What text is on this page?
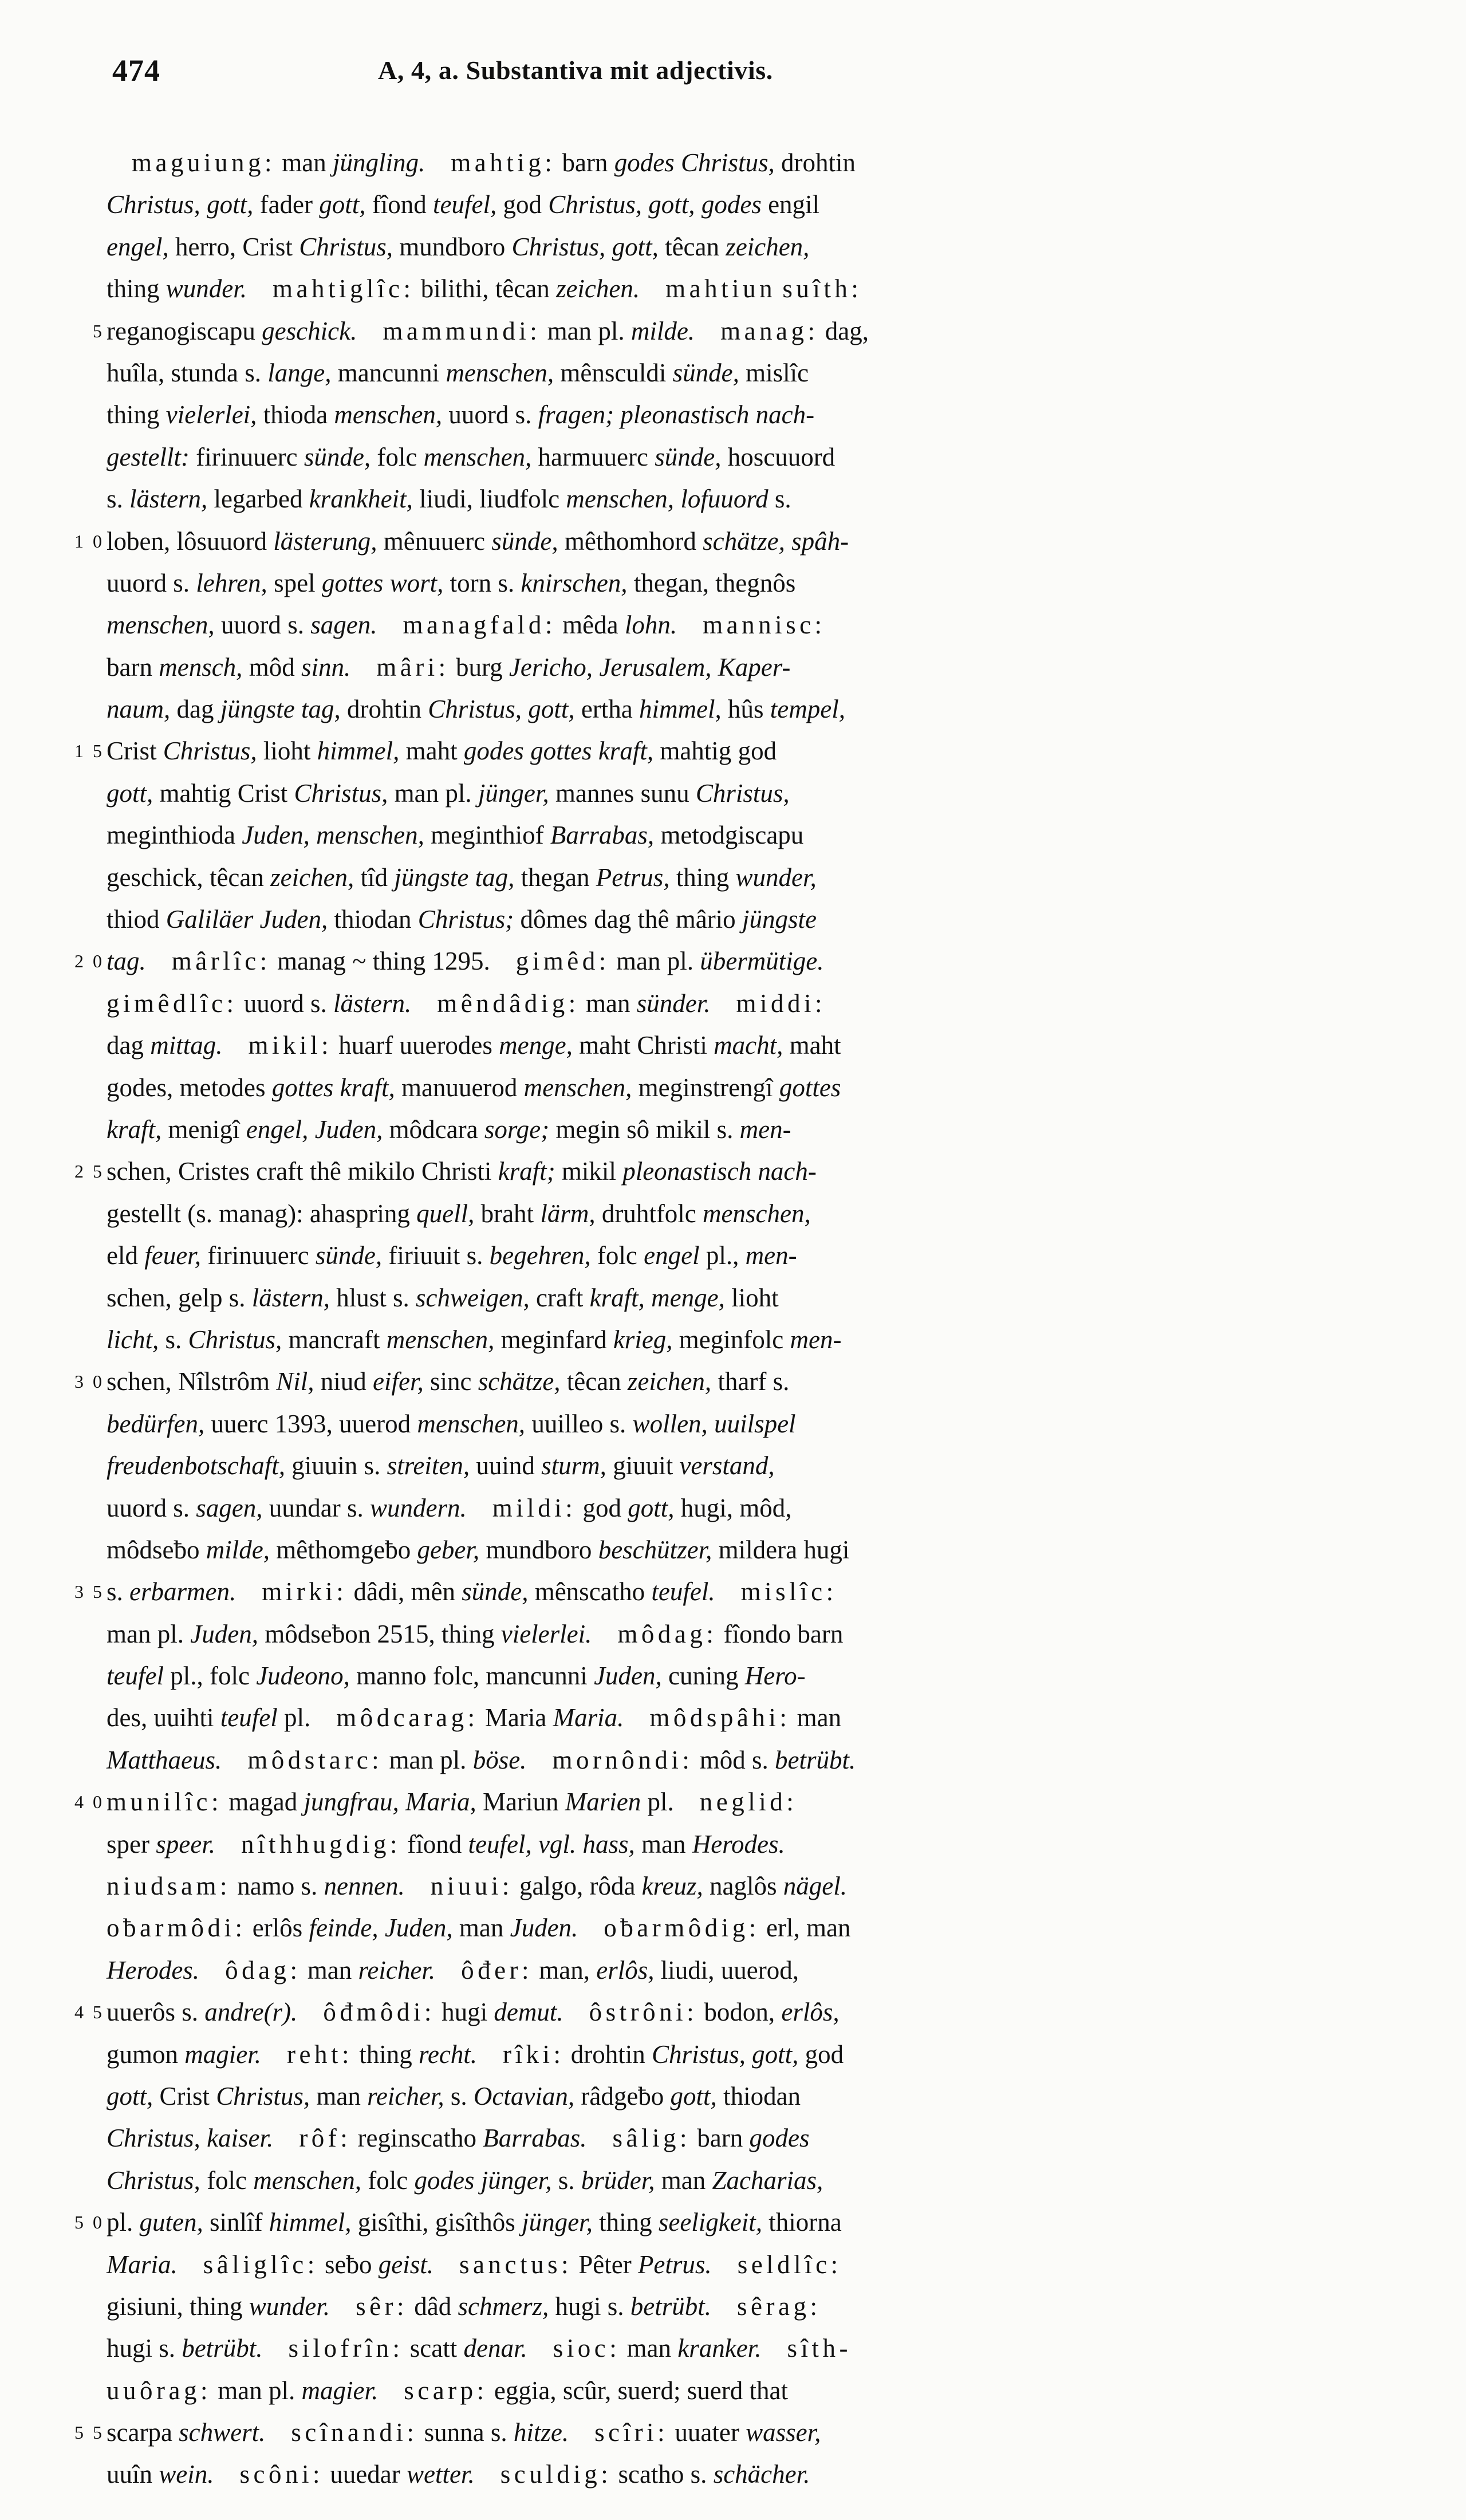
474	A, 4, a. Substantiva mit adjectivis.
maguiung: man jüngling.   mahtig: barn godes Christus, drohtin
Christus, gott, fader gott, fîond teufel, god Christus, gott, godes engil
engel, herro, Crist Christus, mundboro Christus, gott, têcan zeichen,
thing wunder.   mahtiglîc: bilithi, têcan zeichen.   mahtiun suîth:
5 reganogiscapu geschick.   mammundi: man pl. milde.   manag: dag,
huîla, stunda s. lange, mancunni menschen, mênsculdi sünde, mislîc
thing vielerlei, thioda menschen, uuord s. fragen; pleonastisch nach-
gestellt: firinuuerc sünde, folc menschen, harmuuerc sünde, hoscuuord
s. lästern, legarbed krankheit, liudi, liudfolc menschen, lofuuord s.
1 0 loben, lôsuuord lästerung, mênuuerc sünde, mêthomhord schätze, spâh-
uuord s. lehren, spel gottes wort, torn s. knirschen, thegan, thegnôs
menschen, uuord s. sagen.   managfald: mêda lohn.   mannisc:
barn mensch, môd sinn.   mâri: burg Jericho, Jerusalem, Kaper-
naum, dag jüngste tag, drohtin Christus, gott, ertha himmel, hûs tempel,
1 5 Crist Christus, lioht himmel, maht godes gottes kraft, mahtig god
gott, mahtig Crist Christus, man pl. jünger, mannes sunu Christus,
meginthioda Juden, menschen, meginthiof Barrabas, metodgiscapu
geschick, têcan zeichen, tîd jüngste tag, thegan Petrus, thing wunder,
thiod Galiläer Juden, thiodan Christus; dômes dag thê mârio jüngste
2 0 tag.   mârlîc: manag ~ thing 1295.   gimêd: man pl. übermütige.
gimêdlîc: uuord s. lästern.   mêndâdig: man sünder.   middi:
dag mittag.   mikil: huarf uuerodes menge, maht Christi macht, maht
godes, metodes gottes kraft, manuuerod menschen, meginstrengî gottes
kraft, menigî engel, Juden, môdcara sorge; megin sô mikil s. men-
2 5 schen, Cristes craft thê mikilo Christi kraft; mikil pleonastisch nach-
gestellt (s. manag): ahaspring quell, braht lärm, druhtfolc menschen,
eld feuer, firinuuerc sünde, firiuuit s. begehren, folc engel pl., men-
schen, gelp s. lästern, hlust s. schweigen, craft kraft, menge, lioht
licht, s. Christus, mancraft menschen, meginfard krieg, meginfolc men-
3 0 schen, Nîlstrôm Nil, niud eifer, sinc schätze, têcan zeichen, tharf s.
bedürfen, uuerc 1393, uuerod menschen, uuilleo s. wollen, uuilspel
freudenbotschaft, giuuin s. streiten, uuind sturm, giuuit verstand,
uuord s. sagen, uundar s. wundern.   mildi: god gott, hugi, môd,
môdseƀo milde, mêthomgeƀo geber, mundboro beschützer, mildera hugi
3 5 s. erbarmen.   mirki: dâdi, mên sünde, mênscatho teufel.   mislîc:
man pl. Juden, môdseƀon 2515, thing vielerlei.   môdag: fîondo barn
teufel pl., folc Judeono, manno folc, mancunni Juden, cuning Hero-
des, uuihti teufel pl.   môdcarag: Maria Maria.   môdspâhi: man
Matthaeus.   môdstarc: man pl. böse.   mornôndi: môd s. betrübt.
4 0 munilîc: magad jungfrau, Maria, Mariun Marien pl.   neglid:
sper speer.   nîthhugdig: fîond teufel, vgl. hass, man Herodes.
niudsam: namo s. nennen.   niuui: galgo, rôda kreuz, naglôs nägel.
oƀarmôdi: erlôs feinde, Juden, man Juden.   oƀarmôdig: erl, man
Herodes.   ôdag: man reicher.   ôđer: man, erlôs, liudi, uuerod,
4 5 uuerôs s. andre(r).   ôđmôdi: hugi demut.   ôstrôni: bodon, erlôs,
gumon magier.   reht: thing recht.   rîki: drohtin Christus, gott, god
gott, Crist Christus, man reicher, s. Octavian, râdgeƀo gott, thiodan
Christus, kaiser.   rôf: reginscatho Barrabas.   sâlig: barn godes
Christus, folc menschen, folc godes jünger, s. brüder, man Zacharias,
5 0 pl. guten, sinlîf himmel, gisîthi, gisîthôs jünger, thing seeligkeit, thiorna
Maria.   sâliglîc: seƀo geist.   sanctus: Pêter Petrus.   seldlîc:
gisiuni, thing wunder.   sêr: dâd schmerz, hugi s. betrübt.   sêrag:
hugi s. betrübt.   silofrîn: scatt denar.   sioc: man kranker.   sîth-
uuôrag: man pl. magier.   scarp: eggia, scûr, suerd; suerd that
5 5 scarpa schwert.   scînandi: sunna s. hitze.   scîri: uuater wasser,
uuîn wein.   scôni: uuedar wetter.   sculdig: scatho s. schächer.
